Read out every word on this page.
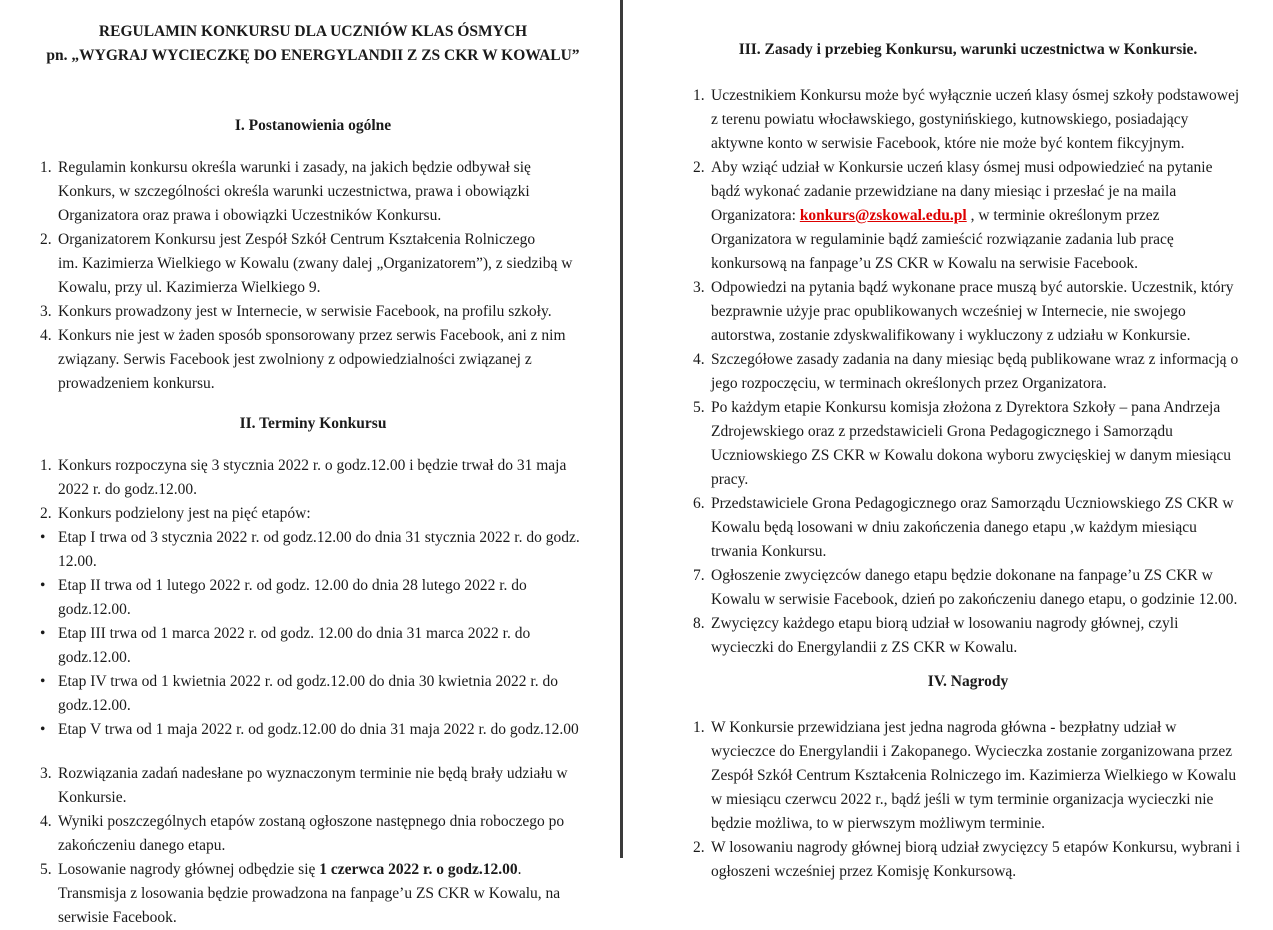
REGULAMIN KONKURSU DLA UCZNIÓW KLAS ÓSMYCH
pn. „WYGRAJ WYCIECZKĘ DO ENERGYLANDII Z ZS CKR W KOWALU”
I. Postanowienia ogólne
1. Regulamin konkursu określa warunki i zasady, na jakich będzie odbywał się Konkurs, w szczególności określa warunki uczestnictwa, prawa i obowiązki Organizatora oraz prawa i obowiązki Uczestników Konkursu.
2. Organizatorem Konkursu jest Zespół Szkół Centrum Kształcenia Rolniczego
im. Kazimierza Wielkiego w Kowalu (zwany dalej „Organizatorem”), z siedzibą w Kowalu, przy ul. Kazimierza Wielkiego 9.
3. Konkurs prowadzony jest w Internecie, w serwisie Facebook, na profilu szkoły.
4. Konkurs nie jest w żaden sposób sponsorowany przez serwis Facebook, ani z nim związany. Serwis Facebook jest zwolniony z odpowiedzialności związanej z prowadzeniem konkursu.
II. Terminy Konkursu
1. Konkurs rozpoczyna się 3 stycznia 2022 r. o godz.12.00 i będzie trwał do 31 maja 2022 r. do godz.12.00.
2. Konkurs podzielony jest na pięć etapów:
• Etap I trwa od 3 stycznia 2022 r. od godz.12.00 do dnia 31 stycznia 2022 r. do godz. 12.00.
• Etap II trwa od 1 lutego 2022 r. od godz. 12.00 do dnia 28 lutego 2022 r. do godz.12.00.
• Etap III trwa od 1 marca 2022 r. od godz. 12.00 do dnia 31 marca 2022 r. do godz.12.00.
• Etap IV trwa od 1 kwietnia 2022 r. od godz.12.00 do dnia 30 kwietnia 2022 r. do godz.12.00.
• Etap V trwa od 1 maja 2022 r. od godz.12.00 do dnia 31 maja 2022 r. do godz.12.00
3. Rozwiązania zadań nadesłane po wyznaczonym terminie nie będą brały udziału w Konkursie.
4. Wyniki poszczególnych etapów zostaną ogłoszone następnego dnia roboczego po zakończeniu danego etapu.
5. Losowanie nagrody głównej odbędzie się 1 czerwca 2022 r. o godz.12.00. Transmisja z losowania będzie prowadzona na fanpage’u ZS CKR w Kowalu, na serwisie Facebook.
III. Zasady i przebieg Konkursu, warunki uczestnictwa w Konkursie.
1. Uczestnikiem Konkursu może być wyłącznie uczeń klasy ósmej szkoły podstawowej z terenu powiatu włocławskiego, gostynińskiego, kutnowskiego, posiadający aktywne konto w serwisie Facebook, które nie może być kontem fikcyjnym.
2. Aby wziąć udział w Konkursie uczeń klasy ósmej musi odpowiedzieć na pytanie bądź wykonać zadanie przewidziane na dany miesiąc i przesłać je na maila Organizatora: konkurs@zskowal.edu.pl , w terminie określonym przez Organizatora w regulaminie bądź zamieścić rozwiązanie zadania lub pracę konkursową na fanpage’u ZS CKR w Kowalu na serwisie Facebook.
3. Odpowiedzi na pytania bądź wykonane prace muszą być autorskie. Uczestnik, który bezprawnie użyje prac opublikowanych wcześniej w Internecie, nie swojego autorstwa, zostanie zdyskwalifikowany i wykluczony z udziału w Konkursie.
4. Szczegółowe zasady zadania na dany miesiąc będą publikowane wraz z informacją o jego rozpoczęciu, w terminach określonych przez Organizatora.
5. Po każdym etapie Konkursu komisja złożona z Dyrektora Szkoły – pana Andrzeja Zdrojewskiego oraz z przedstawicieli Grona Pedagogicznego i Samorządu Uczniowskiego ZS CKR w Kowalu dokona wyboru zwycięskiej w danym miesiącu pracy.
6. Przedstawiciele Grona Pedagogicznego oraz Samorządu Uczniowskiego ZS CKR w Kowalu będą losowani w dniu zakończenia danego etapu ,w każdym miesiącu trwania Konkursu.
7. Ogłoszenie zwycięzców danego etapu będzie dokonane na fanpage’u ZS CKR w Kowalu w serwisie Facebook, dzień po zakończeniu danego etapu, o godzinie 12.00.
8. Zwycięzcy każdego etapu biorą udział w losowaniu nagrody głównej, czyli wycieczki do Energylandii z ZS CKR w Kowalu.
IV. Nagrody
1. W Konkursie przewidziana jest jedna nagroda główna - bezpłatny udział w wycieczce do Energylandii i Zakopanego. Wycieczka zostanie zorganizowana przez Zespół Szkół Centrum Kształcenia Rolniczego im. Kazimierza Wielkiego w Kowalu w miesiącu czerwcu 2022 r., bądź jeśli w tym terminie organizacja wycieczki nie będzie możliwa, to w pierwszym możliwym terminie.
2. W losowaniu nagrody głównej biorą udział zwycięzcy 5 etapów Konkursu, wybrani i ogłoszeni wcześniej przez Komisję Konkursową.
